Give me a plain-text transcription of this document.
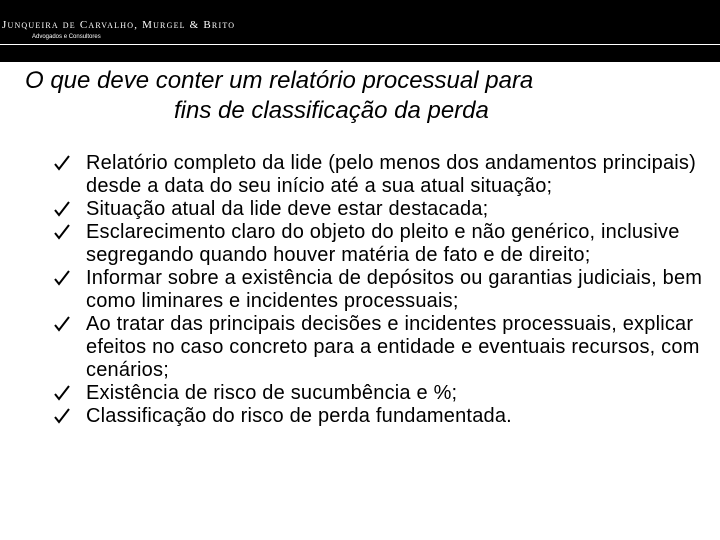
Junqueira de Carvalho, Murgel & Brito
Advogados e Consultores
O que deve conter um relatório processual para
fins de classificação da perda
Relatório completo da lide (pelo menos dos andamentos principais) desde a data do seu início até a sua atual situação;
Situação atual da lide deve estar destacada;
Esclarecimento claro do objeto do pleito e não genérico, inclusive segregando quando houver matéria de fato e de direito;
Informar sobre a existência de depósitos ou garantias judiciais, bem como liminares e incidentes processuais;
Ao tratar das principais decisões e incidentes processuais, explicar efeitos no caso concreto para a entidade e eventuais recursos, com cenários;
Existência de risco de sucumbência e %;
Classificação do risco de perda fundamentada.
